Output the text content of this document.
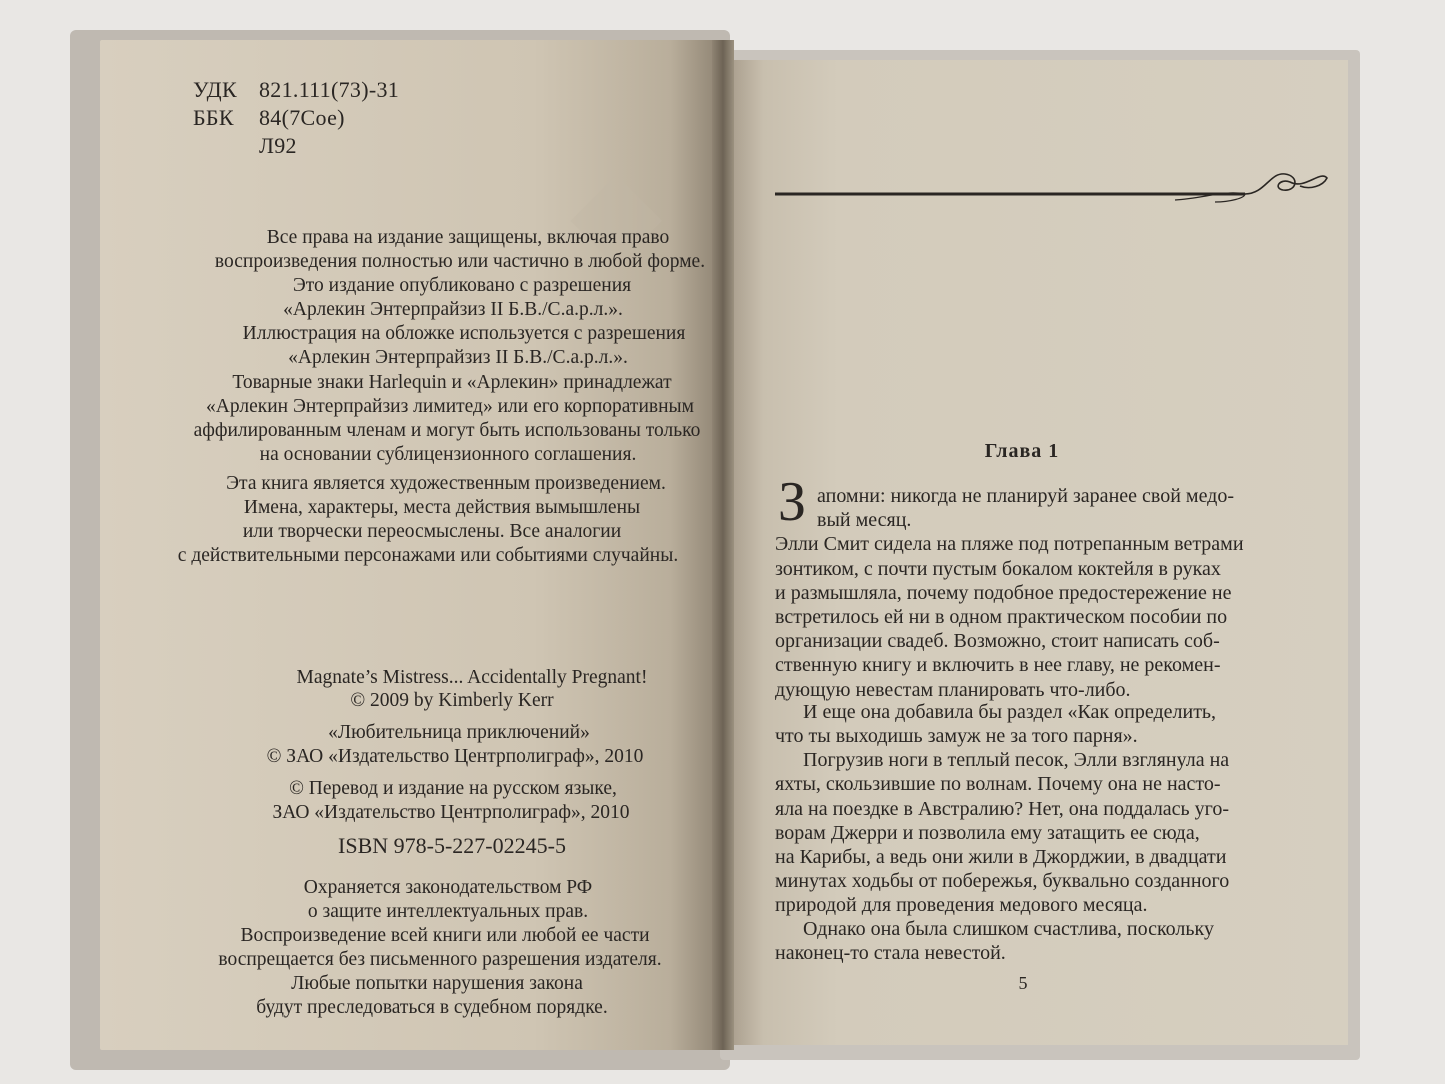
◆
УДК 821.111(73)-31
ББК 84(7Сое)
Л92
Все права на издание защищены, включая право
воспроизведения полностью или частично в любой форме.
Это издание опубликовано с разрешения
«Арлекин Энтерпрайзиз II Б.В./С.а.р.л.».
Иллюстрация на обложке используется с разрешения
«Арлекин Энтерпрайзиз II Б.В./С.а.р.л.».
Товарные знаки Harlequin и «Арлекин» принадлежат
«Арлекин Энтерпрайзиз лимитед» или его корпоративным
аффилированным членам и могут быть использованы только
на основании сублицензионного соглашения.
Эта книга является художественным произведением.
Имена, характеры, места действия вымышлены
или творчески переосмыслены. Все аналогии
с действительными персонажами или событиями случайны.
Magnate’s Mistress... Accidentally Pregnant!
© 2009 by Kimberly Kerr
«Любительница приключений»
© ЗАО «Издательство Центрполиграф», 2010
© Перевод и издание на русском языке,
ЗАО «Издательство Центрполиграф», 2010
ISBN 978-5-227-02245-5
Охраняется законодательством РФ
о защите интеллектуальных прав.
Воспроизведение всей книги или любой ее части
воспрещается без письменного разрешения издателя.
Любые попытки нарушения закона
будут преследоваться в судебном порядке.
Глава 1
З апомни: никогда не планируй заранее свой медо-
вый месяц.
Элли Смит сидела на пляже под потрепанным ветрами
зонтиком, с почти пустым бокалом коктейля в руках
и размышляла, почему подобное предостережение не
встретилось ей ни в одном практическом пособии по
организации свадеб. Возможно, стоит написать соб-
ственную книгу и включить в нее главу, не рекомен-
дующую невестам планировать что-либо.
И еще она добавила бы раздел «Как определить,
что ты выходишь замуж не за того парня».
Погрузив ноги в теплый песок, Элли взглянула на
яхты, скользившие по волнам. Почему она не насто-
яла на поездке в Австралию? Нет, она поддалась уго-
ворам Джерри и позволила ему затащить ее сюда,
на Карибы, а ведь они жили в Джорджии, в двадцати
минутах ходьбы от побережья, буквально созданного
природой для проведения медового месяца.
Однако она была слишком счастлива, поскольку
наконец-то стала невестой.
5
